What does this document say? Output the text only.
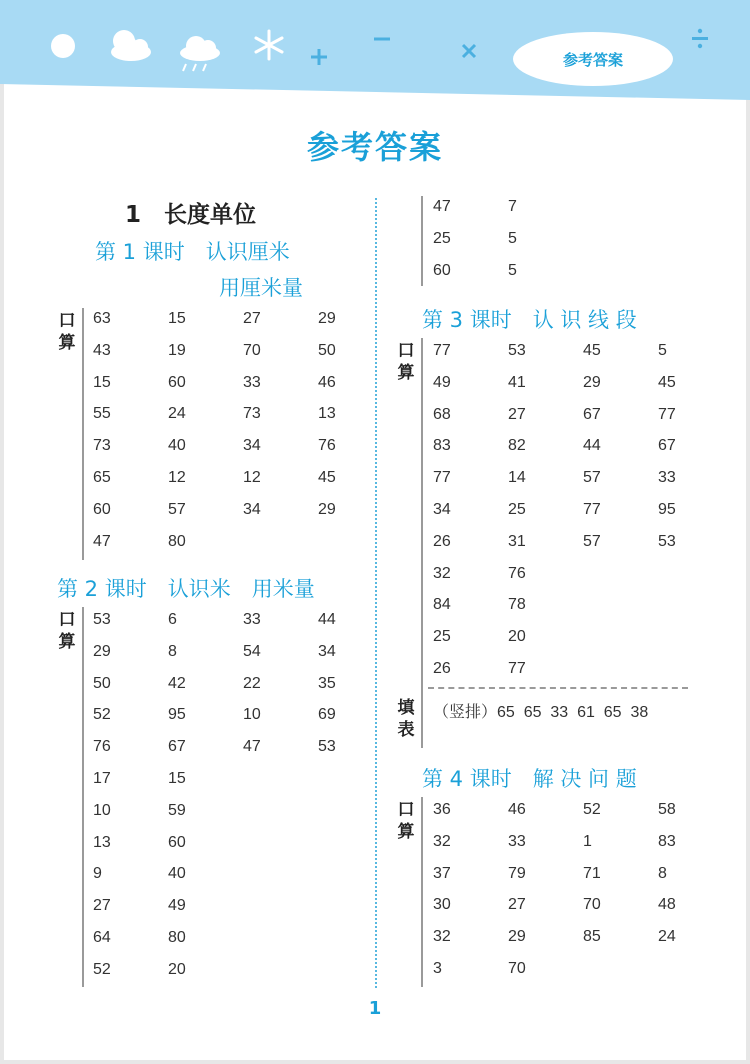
参考答案
参考答案
1　长度单位
第 1 课时　认识厘米
用厘米量
第 2 课时　认识米　用米量
第 3 课时　认 识 线 段
第 4 课时　解 决 问 题
口算
口算
口算
填表
口算
（竖排）65  65  33  61  65  38
1
63	15	27	29
43	19	70	50
15	60	33	46
55	24	73	13
73	40	34	76
65	12	12	45
60	57	34	29
47	80
53	6	33	44
29	8	54	34
50	42	22	35
52	95	10	69
76	67	47	53
17	15
10	59
13	60
9	40
27	49
64	80
52	20
47	7
25	5
60	5
77	53	45	5
49	41	29	45
68	27	67	77
83	82	44	67
77	14	57	33
34	25	77	95
26	31	57	53
32	76
84	78
25	20
26	77
36	46	52	58
32	33	1	83
37	79	71	8
30	27	70	48
32	29	85	24
3	70
